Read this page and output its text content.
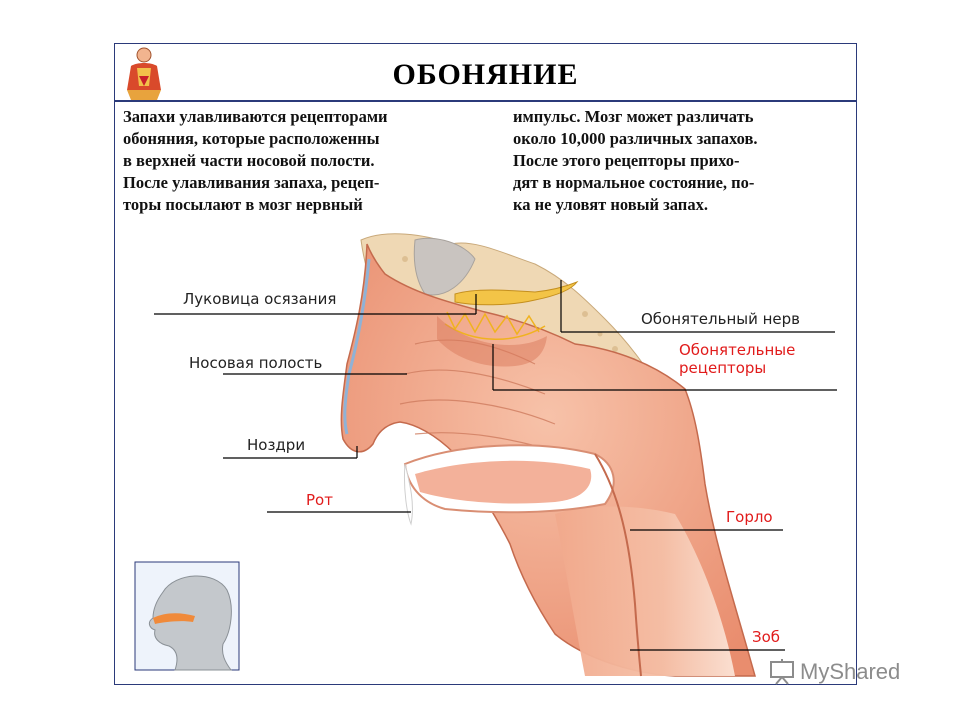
ОБОНЯНИЕ
Запахи улавливаются рецепторами
обоняния, которые расположенны
в верхней части носовой полости.
После улавливания запаха, рецеп-
торы посылают в мозг нервный
импульс. Мозг может различать
около 10,000 различных запахов.
После этого рецепторы прихо-
дят в нормальное состояние, по-
ка не уловят новый запах.
Луковица осязания
Носовая полость
Ноздри
Рот
Обонятельный нерв
Обонятельные
рецепторы
Горло
Зоб
MyShared
